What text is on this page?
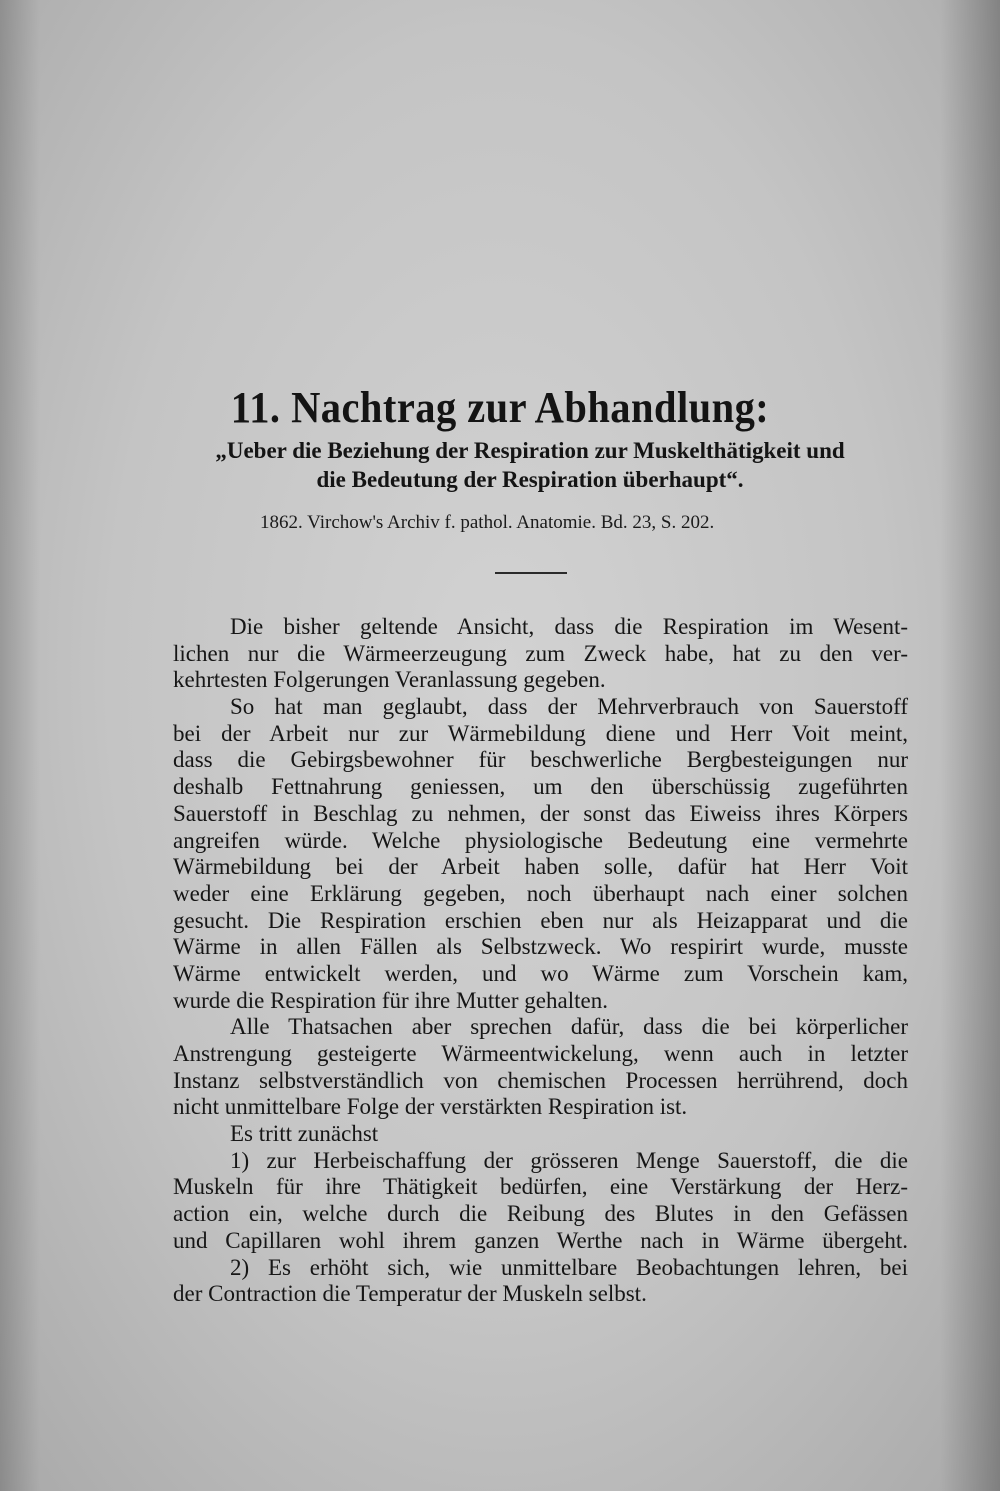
11. Nachtrag zur Abhandlung:
„Ueber die Beziehung der Respiration zur Muskelthätigkeit und
die Bedeutung der Respiration überhaupt“.
1862. Virchow's Archiv f. pathol. Anatomie. Bd. 23, S. 202.
Die bisher geltende Ansicht, dass die Respiration im Wesent-
lichen nur die Wärmeerzeugung zum Zweck habe, hat zu den ver-
kehrtesten Folgerungen Veranlassung gegeben.
So hat man geglaubt, dass der Mehrverbrauch von Sauerstoff
bei der Arbeit nur zur Wärmebildung diene und Herr Voit meint,
dass die Gebirgsbewohner für beschwerliche Bergbesteigungen nur
deshalb Fettnahrung geniessen, um den überschüssig zugeführten
Sauerstoff in Beschlag zu nehmen, der sonst das Eiweiss ihres Körpers
angreifen würde. Welche physiologische Bedeutung eine vermehrte
Wärmebildung bei der Arbeit haben solle, dafür hat Herr Voit
weder eine Erklärung gegeben, noch überhaupt nach einer solchen
gesucht. Die Respiration erschien eben nur als Heizapparat und die
Wärme in allen Fällen als Selbstzweck. Wo respirirt wurde, musste
Wärme entwickelt werden, und wo Wärme zum Vorschein kam,
wurde die Respiration für ihre Mutter gehalten.
Alle Thatsachen aber sprechen dafür, dass die bei körperlicher
Anstrengung gesteigerte Wärmeentwickelung, wenn auch in letzter
Instanz selbstverständlich von chemischen Processen herrührend, doch
nicht unmittelbare Folge der verstärkten Respiration ist.
Es tritt zunächst
1) zur Herbeischaffung der grösseren Menge Sauerstoff, die die
Muskeln für ihre Thätigkeit bedürfen, eine Verstärkung der Herz-
action ein, welche durch die Reibung des Blutes in den Gefässen
und Capillaren wohl ihrem ganzen Werthe nach in Wärme übergeht.
2) Es erhöht sich, wie unmittelbare Beobachtungen lehren, bei
der Contraction die Temperatur der Muskeln selbst.
